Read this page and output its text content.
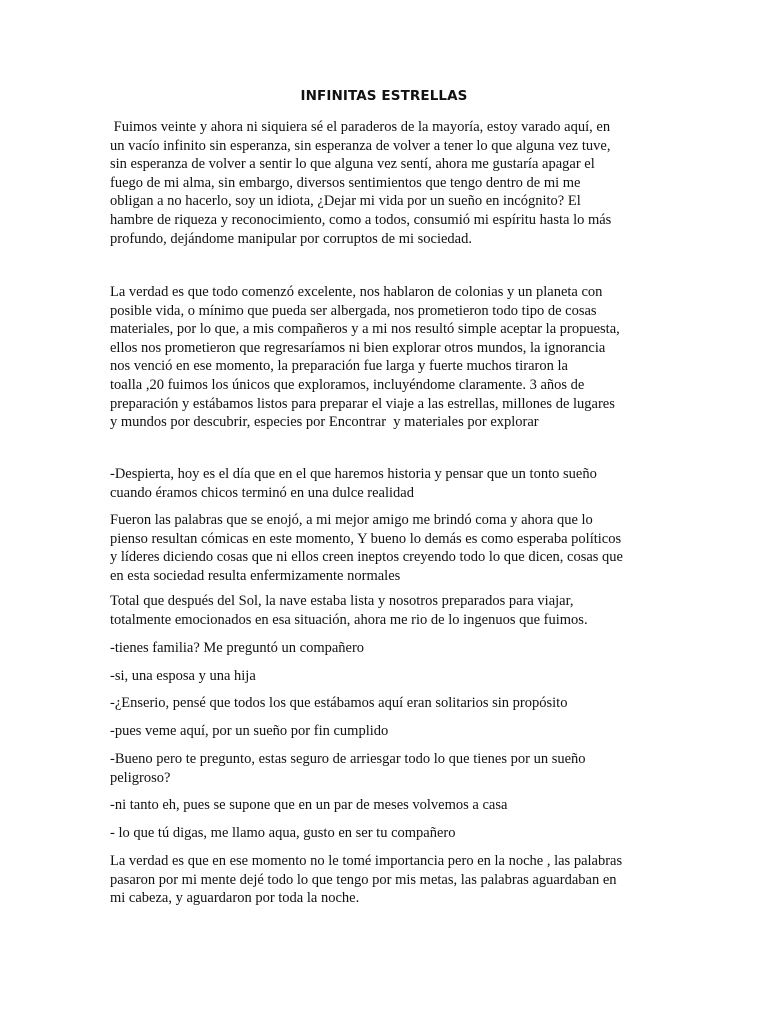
INFINITAS ESTRELLAS
Fuimos veinte y ahora ni siquiera sé el paraderos de la mayoría, estoy varado aquí, en
un vacío infinito sin esperanza, sin esperanza de volver a tener lo que alguna vez tuve,
sin esperanza de volver a sentir lo que alguna vez sentí, ahora me gustaría apagar el
fuego de mi alma, sin embargo, diversos sentimientos que tengo dentro de mi me
obligan a no hacerlo, soy un idiota, ¿Dejar mi vida por un sueño en incógnito? El
hambre de riqueza y reconocimiento, como a todos, consumió mi espíritu hasta lo más
profundo, dejándome manipular por corruptos de mi sociedad.
La verdad es que todo comenzó excelente, nos hablaron de colonias y un planeta con
posible vida, o mínimo que pueda ser albergada, nos prometieron todo tipo de cosas
materiales, por lo que, a mis compañeros y a mi nos resultó simple aceptar la propuesta,
ellos nos prometieron que regresaríamos ni bien explorar otros mundos, la ignorancia
nos venció en ese momento, la preparación fue larga y fuerte muchos tiraron la
toalla ,20 fuimos los únicos que exploramos, incluyéndome claramente. 3 años de
preparación y estábamos listos para preparar el viaje a las estrellas, millones de lugares
y mundos por descubrir, especies por Encontrar  y materiales por explorar
-Despierta, hoy es el día que en el que haremos historia y pensar que un tonto sueño
cuando éramos chicos terminó en una dulce realidad
Fueron las palabras que se enojó, a mi mejor amigo me brindó coma y ahora que lo
pienso resultan cómicas en este momento, Y bueno lo demás es como esperaba políticos
y líderes diciendo cosas que ni ellos creen ineptos creyendo todo lo que dicen, cosas que
en esta sociedad resulta enfermizamente normales
Total que después del Sol, la nave estaba lista y nosotros preparados para viajar,
totalmente emocionados en esa situación, ahora me rio de lo ingenuos que fuimos.
-tienes familia? Me preguntó un compañero
-si, una esposa y una hija
-¿Enserio, pensé que todos los que estábamos aquí eran solitarios sin propósito
-pues veme aquí, por un sueño por fin cumplido
-Bueno pero te pregunto, estas seguro de arriesgar todo lo que tienes por un sueño
peligroso?
-ni tanto eh, pues se supone que en un par de meses volvemos a casa
- lo que tú digas, me llamo aqua, gusto en ser tu compañero
La verdad es que en ese momento no le tomé importancia pero en la noche , las palabras
pasaron por mi mente dejé todo lo que tengo por mis metas, las palabras aguardaban en
mi cabeza, y aguardaron por toda la noche.
